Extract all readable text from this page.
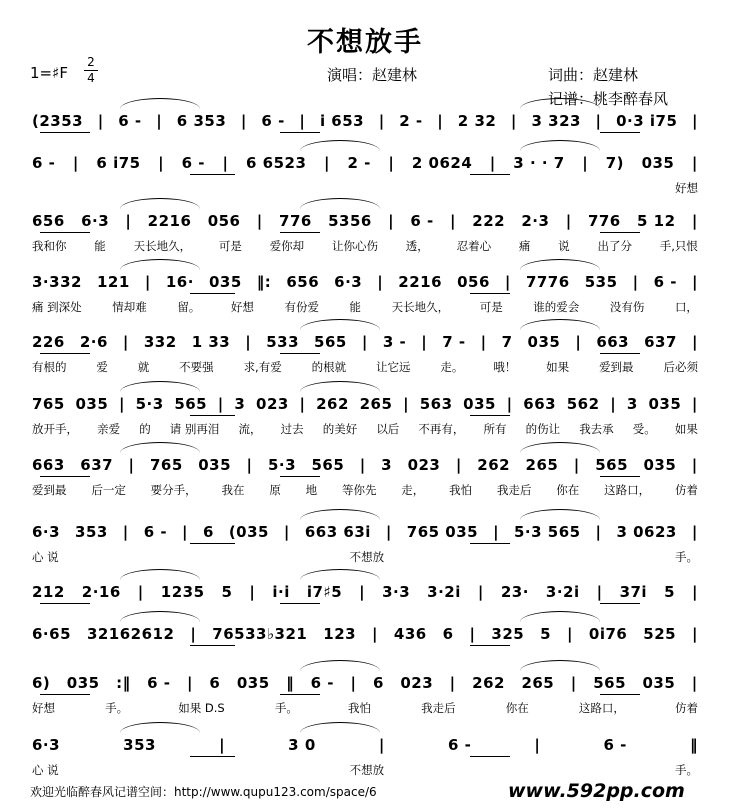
不想放手
1=♯F
2
4	演唱：赵建林	词曲：赵建林
记谱：桃李醉春风
(2353 | 6 - | 6 353 | 6 - | i 653 | 2 - | 2 32 | 3 323 | 0·3 i75 |
6 - | 6 i75 | 6 - | 6 6523 | 2 - | 2 0624 | 3 · · 7 | 7) 035 |
好想
656 6·3 | 2216 056 | 776 5356 | 6 - | 222 2·3 | 776 5 12 |
我和你 能 天长地久， 可是 爱你却 让你心伤 透， 忍着心 痛 说 出了分 手,只恨
3·332 121 | 16· 035 ‖: 656 6·3 | 2216 056 | 7776 535 | 6 - |
痛 到深处	情却难	留。	好想	有份爱	能	天长地久，	可是	谁的爱会	没有伤	口，
226 2·6 | 332 1 33 | 533 565 | 3 - | 7 - | 7 035 | 663 637 |
有根的	爱	就	不要强	求,有爱	的根就	让它远	走。	哦！	如果	爱到最	后必须
765 035 | 5·3 565 | 3 023 | 262 265 | 563 035 | 663 562 | 3 035 |
放开手， 亲爱 的 请 别再泪 流， 过去 的美好 以后 不再有， 所有 的伤让 我去承 受。 如果
663 637 | 765 035 | 5·3 565 | 3 023 | 262 265 | 565 035 |
爱到最 后一定 要分手， 我在 原 地 等你先 走， 我怕 我走后 你在 这路口， 仿着
6·3 353 | 6 - | 6 (035 | 663 63i | 765 035 | 5·3 565 | 3 0623 |
心 说	不想放	手。
212 2·16 | 1235 5 | i·i i7♯5 | 3·3 3·2i | 23· 3·2i | 37i 5 |
6·65 32162612 | 76533♭321 123 | 436 6 | 325 5 | 0i76 525 |
6) 035 :‖ 6 - | 6 035 ‖ 6 - | 6 023 | 262 265 | 565 035 |
好想	手。	如果 D.S	手。	我怕	我走后	你在	这路口，	仿着
6·3	353	|	3 0	|	6 -	|	6 -	‖
心 说	不想放	手。
欢迎光临醉春风记谱空间：http://www.qupu123.com/space/6	www.592pp.com
